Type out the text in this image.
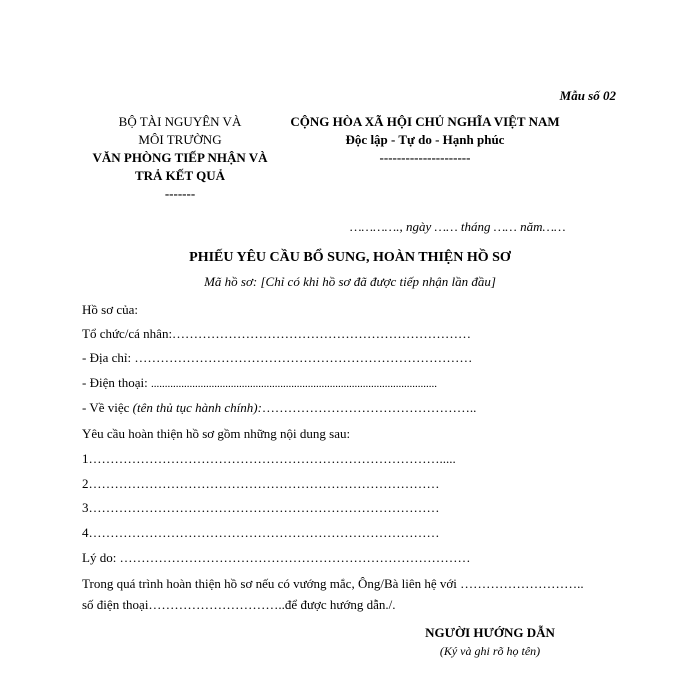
Mẫu số 02
BỘ TÀI NGUYÊN VÀ
MÔI TRƯỜNG
VĂN PHÒNG TIẾP NHẬN VÀ
TRẢ KẾT QUẢ
-------
CỘNG HÒA XÃ HỘI CHỦ NGHĨA VIỆT NAM
Độc lập - Tự do - Hạnh phúc
---------------------
…………., ngày …… tháng …… năm……
PHIẾU YÊU CẦU BỔ SUNG, HOÀN THIỆN HỒ SƠ
Mã hồ sơ: [Chỉ có khi hồ sơ đã được tiếp nhận lần đầu]
Hồ sơ của:
Tổ chức/cá nhân:……………………………………………………………
- Địa chỉ: ……………………………………………………………………
- Điện thoại: ........................................................................................................
- Về việc (tên thủ tục hành chính):…………………………………………..
Yêu cầu hoàn thiện hồ sơ gồm những nội dung sau:
1……………………………………………………………………….....
2………………………………………………………………………
3………………………………………………………………………
4………………………………………………………………………
Lý do: ………………………………………………………………………
Trong quá trình hoàn thiện hồ sơ nếu có vướng mắc, Ông/Bà liên hệ với ………………………..
số điện thoại…………………………..để được hướng dẫn./.
NGƯỜI HƯỚNG DẪN
(Ký và ghi rõ họ tên)
